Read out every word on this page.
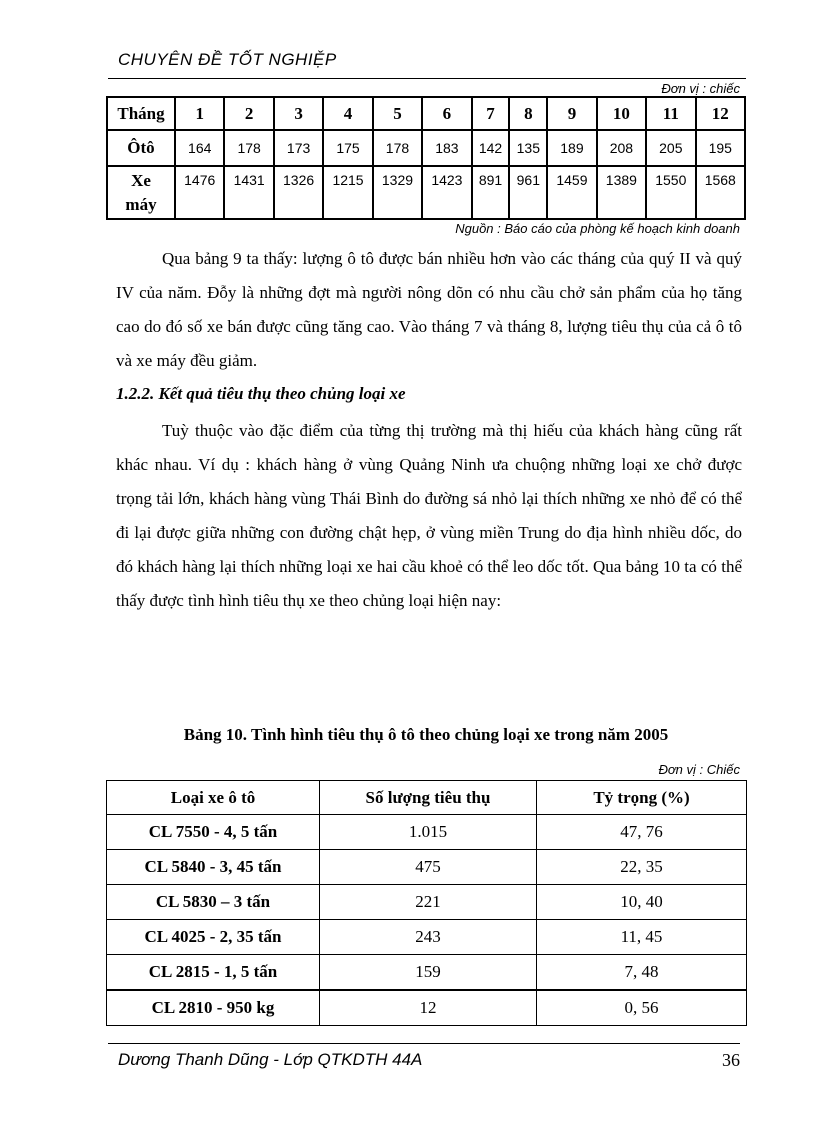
CHUYÊN ĐỀ TỐT NGHIỆP
Đơn vị : chiếc
Tháng	1	2	3	4	5	6	7	8	9	10	11	12
Ôtô	164	178	173	175	178	183	142	135	189	208	205	195

Xe
máy	1476	1431	1326	1215	1329	1423	891	961	1459	1389	1550	1568
Nguồn : Báo cáo của phòng kế hoạch kinh doanh

Qua bảng 9 ta thấy: lượng ô tô được bán nhiều hơn vào các tháng của quý II và quý IV của năm. Đỗy là những đợt mà người nông dõn có nhu cầu chở sản phẩm của họ tăng cao do đó số xe bán được cũng tăng cao. Vào tháng 7 và tháng 8, lượng tiêu thụ của cả ô tô và xe máy đều giảm.

1.2.2. Kết quả tiêu thụ theo chủng loại xe

Tuỳ thuộc vào đặc điểm của từng thị trường mà thị hiếu của khách hàng cũng rất khác nhau. Ví dụ : khách hàng ở vùng Quảng Ninh ưa chuộng những loại xe chở được trọng tải lớn, khách hàng vùng Thái Bình do đường sá nhỏ lại thích những xe nhỏ để có thể đi lại được giữa những con đường chật hẹp, ở vùng miền Trung do địa hình nhiều dốc, do đó khách hàng lại thích những loại xe hai cầu khoẻ có thể leo dốc tốt. Qua bảng 10 ta có thể thấy được tình hình tiêu thụ xe theo chủng loại hiện nay:

Bảng 10. Tình hình tiêu thụ ô tô theo chủng loại xe trong năm 2005
Đơn vị : Chiếc
Loại xe ô tô	Số lượng tiêu thụ	Tỷ trọng (%)
CL 7550 - 4, 5 tấn	1.015	47, 76
CL 5840 - 3, 45 tấn	475	22, 35
CL 5830 – 3 tấn	221	10, 40
CL 4025 - 2, 35 tấn	243	11, 45
CL 2815 - 1, 5 tấn	159	7, 48
CL 2810 - 950 kg	12	0, 56
Dương Thanh Dũng - Lớp QTKDTH 44A	36
